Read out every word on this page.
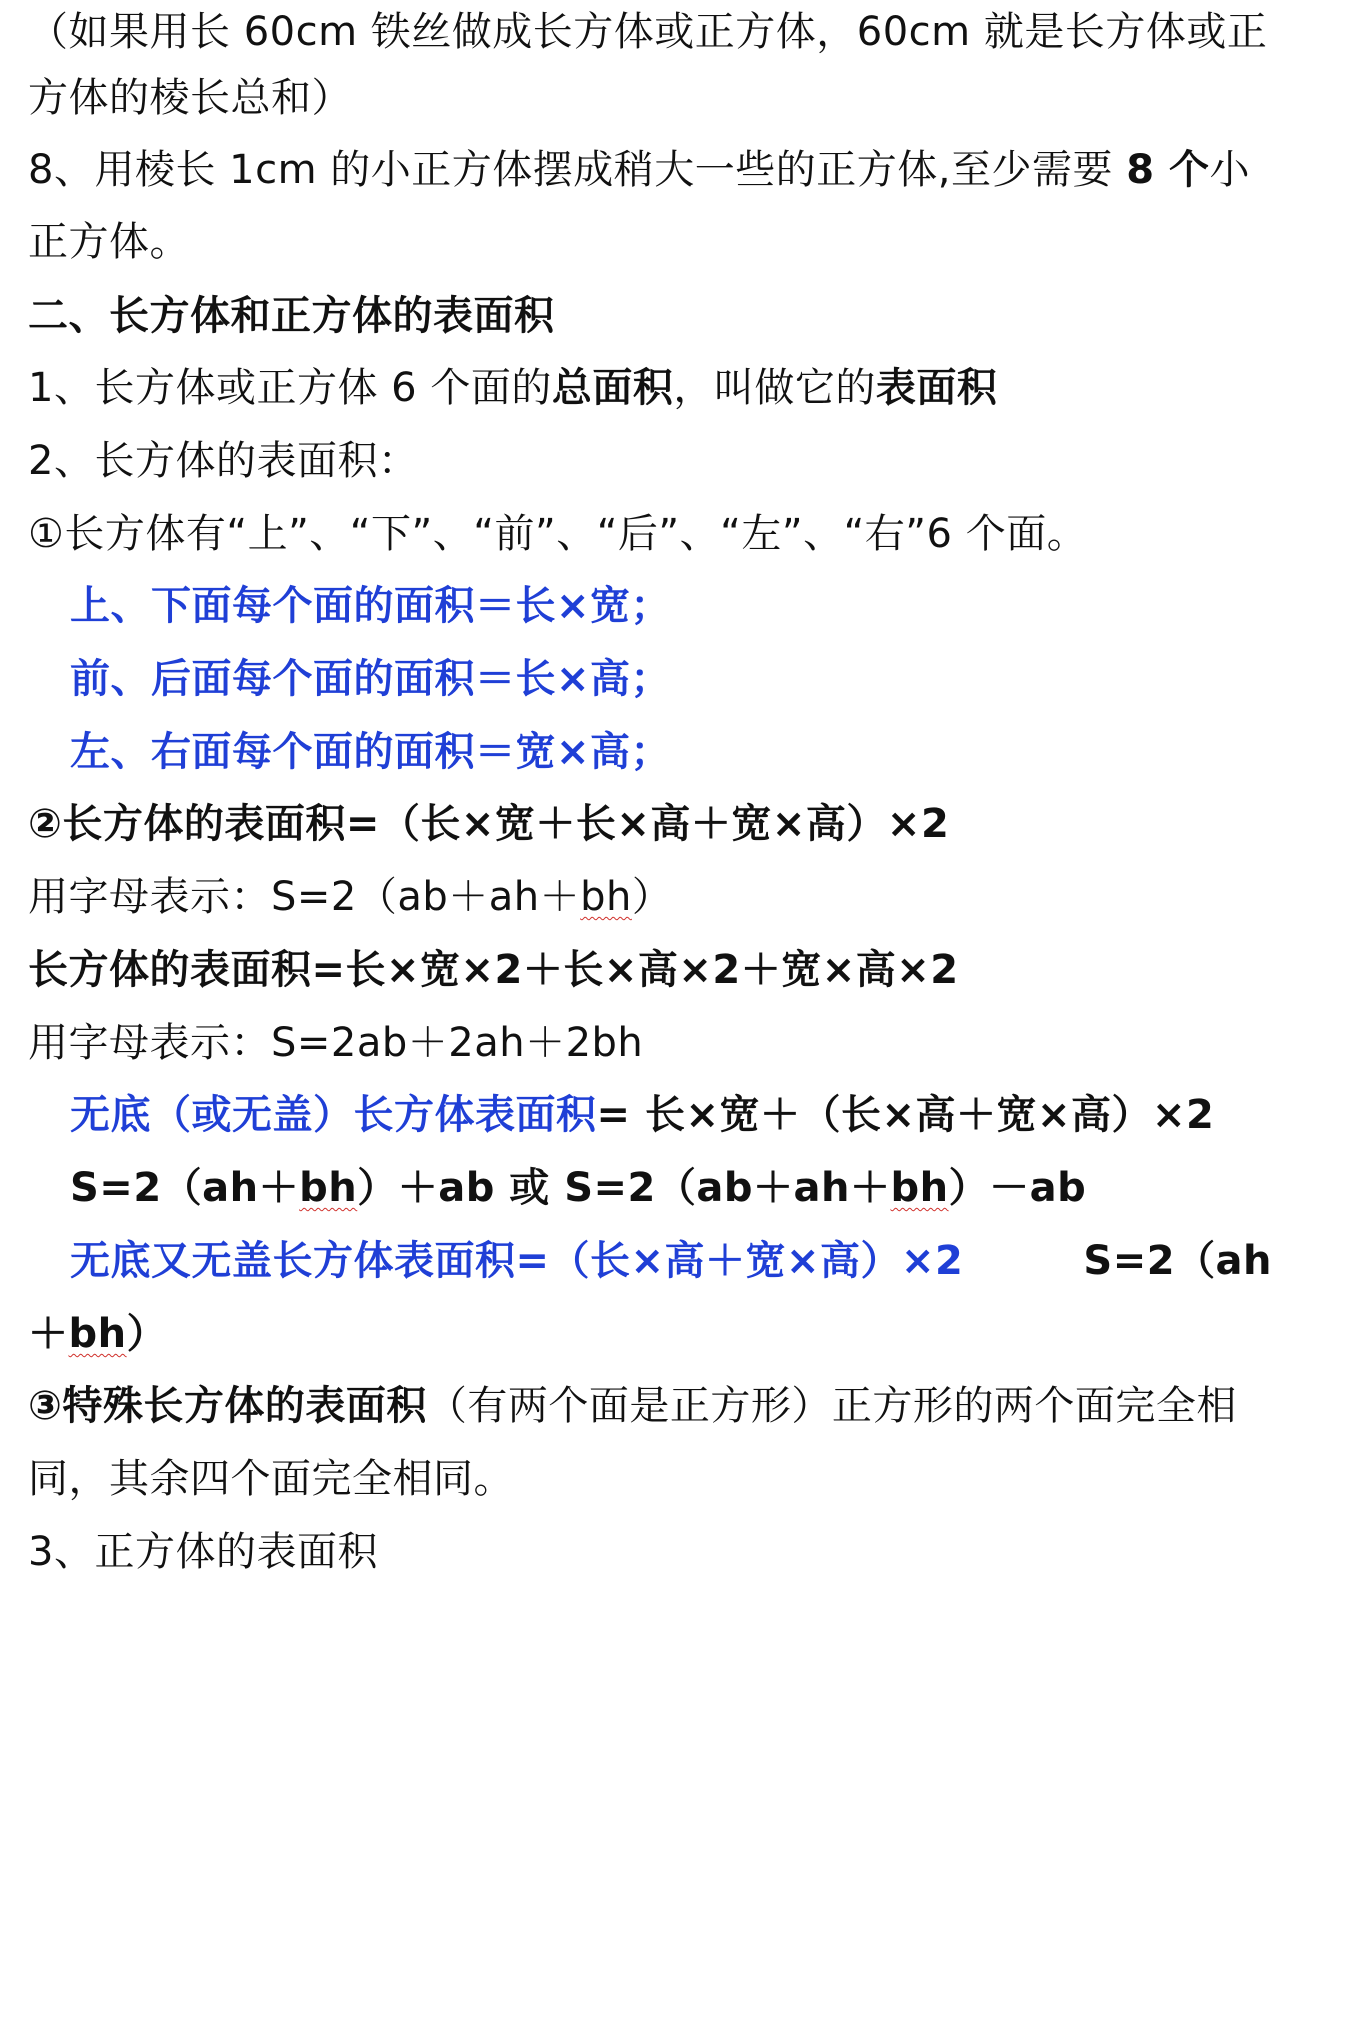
（如果用长 60cm 铁丝做成长方体或正方体，60cm 就是长方体或正
方体的棱长总和）
8、用棱长 1cm 的小正方体摆成稍大一些的正方体,至少需要 8 个小
正方体。
二、长方体和正方体的表面积
1、长方体或正方体 6 个面的总面积，叫做它的表面积
2、长方体的表面积：
①长方体有“上”、“下”、“前”、“后”、“左”、“右”6 个面。
上、下面每个面的面积＝长×宽；
前、后面每个面的面积＝长×高；
左、右面每个面的面积＝宽×高；
②长方体的表面积=（长×宽＋长×高＋宽×高）×2
用字母表示：S=2（ab＋ah＋bh）
长方体的表面积=长×宽×2＋长×高×2＋宽×高×2
用字母表示：S=2ab＋2ah＋2bh
无底（或无盖）长方体表面积= 长×宽＋（长×高＋宽×高）×2
S=2（ah＋bh）＋ab 或 S=2（ab＋ah＋bh）－ab
无底又无盖长方体表面积=（长×高＋宽×高）×2	S=2（ah
＋bh）
③特殊长方体的表面积（有两个面是正方形）正方形的两个面完全相
同，其余四个面完全相同。
3、正方体的表面积
